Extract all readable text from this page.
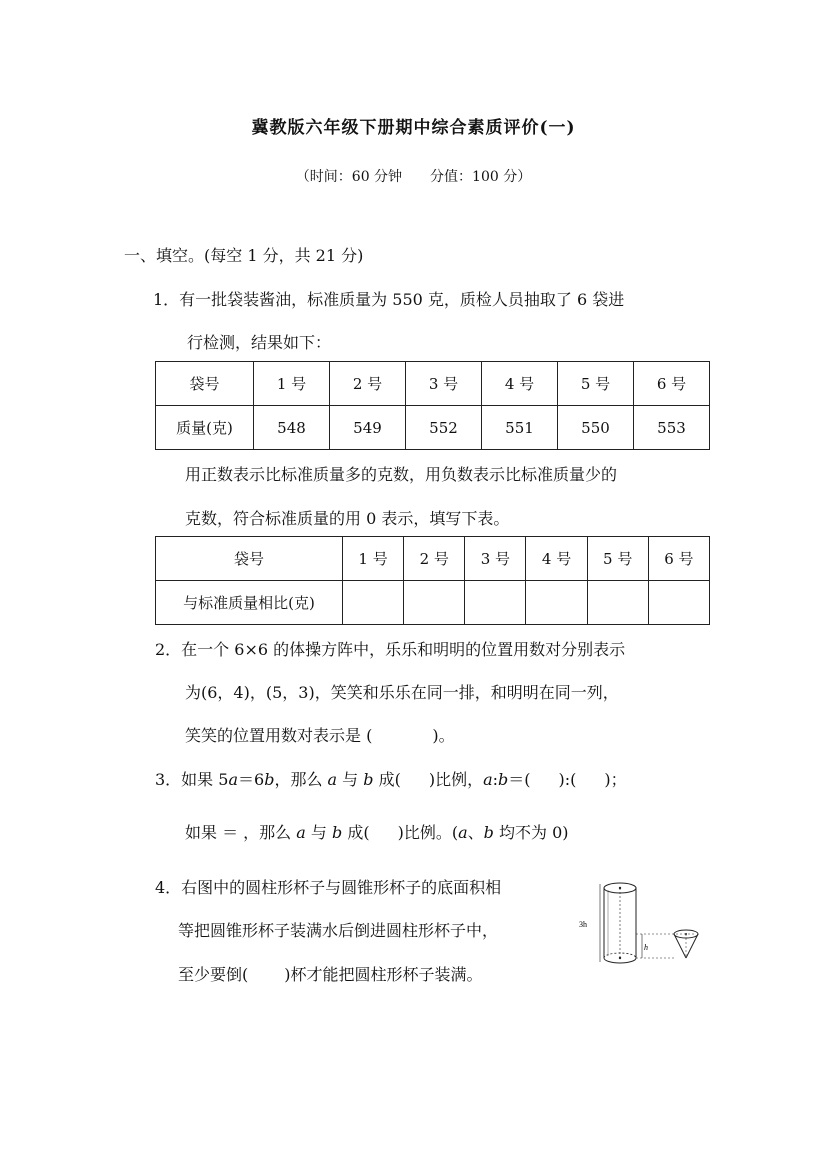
冀教版六年级下册期中综合素质评价(一)
（时间：60 分钟　　分值：100 分）
一、填空。(每空 1 分，共 21 分)
1．有一批袋装酱油，标准质量为 550 克，质检人员抽取了 6 袋进
行检测，结果如下：
袋号	1 号	2 号	3 号	4 号	5 号	6 号
质量(克)	548	549	552	551	550	553
用正数表示比标准质量多的克数，用负数表示比标准质量少的
克数，符合标准质量的用 0 表示，填写下表。
袋号	1 号	2 号	3 号	4 号	5 号	6 号
与标准质量相比(克)						
2．在一个 6×6 的体操方阵中，乐乐和明明的位置用数对分别表示
为(6，4)，(5，3)，笑笑和乐乐在同一排，和明明在同一列，
笑笑的位置用数对表示是 (	)。
3．如果 5a＝6b，那么 a 与 b 成( )比例，a:b＝( ):( )；
如果 ＝ ，那么 a 与 b 成( )比例。(a、b 均不为 0)
4．右图中的圆柱形杯子与圆锥形杯子的底面积相
等把圆锥形杯子装满水后倒进圆柱形杯子中，
至少要倒( )杯才能把圆柱形杯子装满。
3h
h
